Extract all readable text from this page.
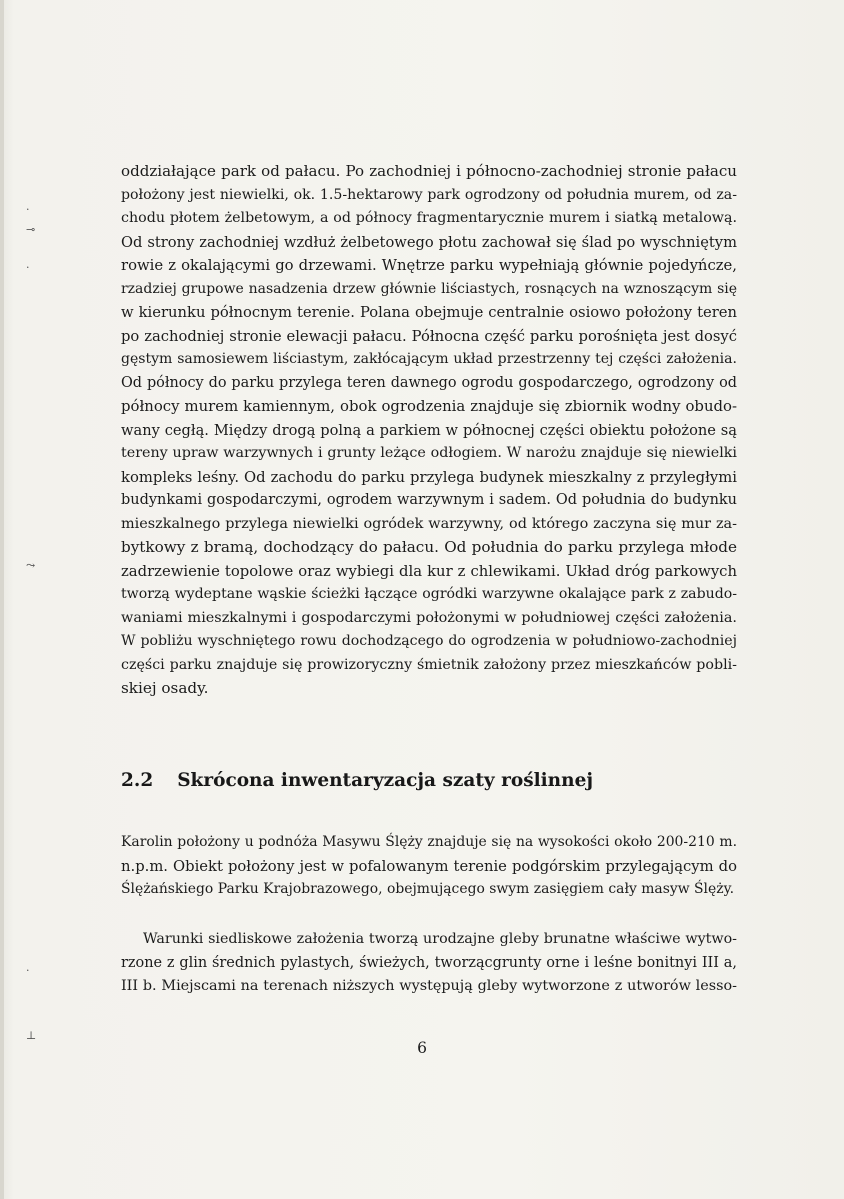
·
⊸
·
⤳
·
⊥

oddziałające park od pałacu. Po zachodniej i północno-zachodniej stronie pałacu
położony jest niewielki, ok. 1.5-hektarowy park ogrodzony od południa murem, od za-
chodu płotem żelbetowym, a od północy fragmentarycznie murem i siatką metalową.
Od strony zachodniej wzdłuż żelbetowego płotu zachował się ślad po wyschniętym
rowie z okalającymi go drzewami. Wnętrze parku wypełniają głównie pojedyńcze,
rzadziej grupowe nasadzenia drzew głównie liściastych, rosnących na wznoszącym się
w kierunku północnym terenie. Polana obejmuje centralnie osiowo położony teren
po zachodniej stronie elewacji pałacu. Północna część parku porośnięta jest dosyć
gęstym samosiewem liściastym, zakłócającym układ przestrzenny tej części założenia.
Od północy do parku przylega teren dawnego ogrodu gospodarczego, ogrodzony od
północy murem kamiennym, obok ogrodzenia znajduje się zbiornik wodny obudo-
wany cegłą. Między drogą polną a parkiem w północnej części obiektu położone są
tereny upraw warzywnych i grunty leżące odłogiem. W narożu znajduje się niewielki
kompleks leśny. Od zachodu do parku przylega budynek mieszkalny z przyległymi
budynkami gospodarczymi, ogrodem warzywnym i sadem. Od południa do budynku
mieszkalnego przylega niewielki ogródek warzywny, od którego zaczyna się mur za-
bytkowy z bramą, dochodzący do pałacu. Od południa do parku przylega młode
zadrzewienie topolowe oraz wybiegi dla kur z chlewikami. Układ dróg parkowych
tworzą wydeptane wąskie ścieżki łączące ogródki warzywne okalające park z zabudo-
waniami mieszkalnymi i gospodarczymi położonymi w południowej części założenia.
W pobliżu wyschniętego rowu dochodzącego do ogrodzenia w południowo-zachodniej
części parku znajduje się prowizoryczny śmietnik założony przez mieszkańców pobli-
skiej osady.

2.2 Skrócona inwentaryzacja szaty roślinnej

Karolin położony u podnóża Masywu Ślęży znajduje się na wysokości około 200-210 m.
n.p.m. Obiekt położony jest w pofalowanym terenie podgórskim przylegającym do
Ślężańskiego Parku Krajobrazowego, obejmującego swym zasięgiem cały masyw Ślęży.

Warunki siedliskowe założenia tworzą urodzajne gleby brunatne właściwe wytwo-
rzone z glin średnich pylastych, świeżych, tworzącgrunty orne i leśne bonitnyi III a,
III b. Miejscami na terenach niższych występują gleby wytworzone z utworów lesso-

6
